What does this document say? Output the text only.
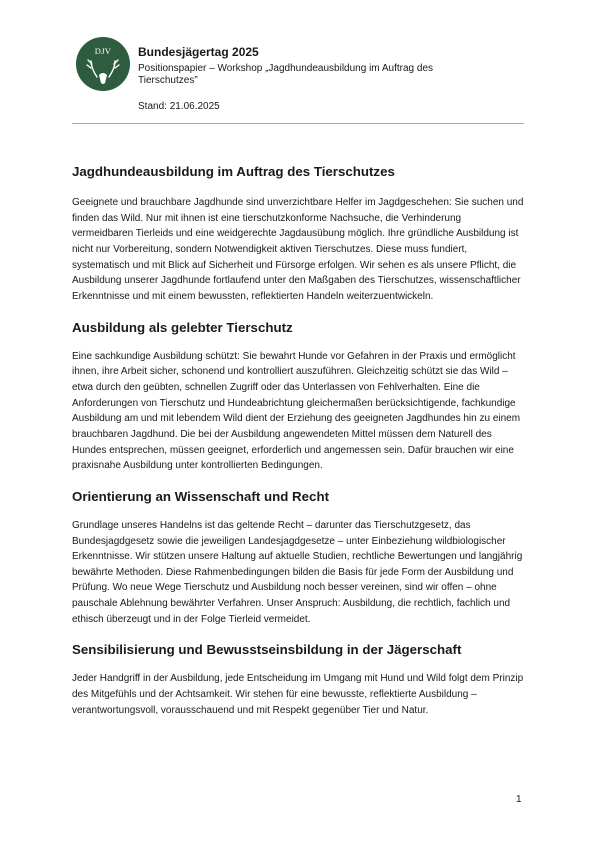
DJV	Bundesjägertag 2025
Positionspapier – Workshop „Jagdhundeausbildung im Auftrag des Tierschutzes”
Stand: 21.06.2025
Jagdhundeausbildung im Auftrag des Tierschutzes

Geeignete und brauchbare Jagdhunde sind unverzichtbare Helfer im Jagdgeschehen: Sie suchen und finden das Wild. Nur mit ihnen ist eine tierschutzkonforme Nachsuche, die Verhinderung vermeidbaren Tierleids und eine weidgerechte Jagdausübung möglich. Ihre gründliche Ausbildung ist nicht nur Vorbereitung, sondern Notwendigkeit aktiven Tierschutzes. Diese muss fundiert, systematisch und mit Blick auf Sicherheit und Fürsorge erfolgen. Wir sehen es als unsere Pflicht, die Ausbildung unserer Jagdhunde fortlaufend unter den Maßgaben des Tierschutzes, wissenschaftlicher Erkenntnisse und mit einem bewussten, reflektierten Handeln weiterzuentwickeln.

Ausbildung als gelebter Tierschutz

Eine sachkundige Ausbildung schützt: Sie bewahrt Hunde vor Gefahren in der Praxis und ermöglicht ihnen, ihre Arbeit sicher, schonend und kontrolliert auszuführen. Gleichzeitig schützt sie das Wild – etwa durch den geübten, schnellen Zugriff oder das Unterlassen von Fehlverhalten. Eine die Anforderungen von Tierschutz und Hundeabrichtung gleichermaßen berücksichtigende, fachkundige Ausbildung am und mit lebendem Wild dient der Erziehung des geeigneten Jagdhundes hin zu einem brauchbaren Jagdhund. Die bei der Ausbildung angewendeten Mittel müssen dem Naturell des Hundes entsprechen, müssen geeignet, erforderlich und angemessen sein. Dafür brauchen wir eine praxisnahe Ausbildung unter kontrollierten Bedingungen.

Orientierung an Wissenschaft und Recht

Grundlage unseres Handelns ist das geltende Recht – darunter das Tierschutzgesetz, das Bundesjagdgesetz sowie die jeweiligen Landesjagdgesetze – unter Einbeziehung wildbiologischer Erkenntnisse. Wir stützen unsere Haltung auf aktuelle Studien, rechtliche Bewertungen und langjährig bewährte Methoden. Diese Rahmenbedingungen bilden die Basis für jede Form der Ausbildung und Prüfung. Wo neue Wege Tierschutz und Ausbildung noch besser vereinen, sind wir offen – ohne pauschale Ablehnung bewährter Verfahren. Unser Anspruch: Ausbildung, die rechtlich, fachlich und ethisch überzeugt und in der Folge Tierleid vermeidet.

Sensibilisierung und Bewusstseinsbildung in der Jägerschaft

Jeder Handgriff in der Ausbildung, jede Entscheidung im Umgang mit Hund und Wild folgt dem Prinzip des Mitgefühls und der Achtsamkeit. Wir stehen für eine bewusste, reflektierte Ausbildung – verantwortungsvoll, vorausschauend und mit Respekt gegenüber Tier und Natur.

1
